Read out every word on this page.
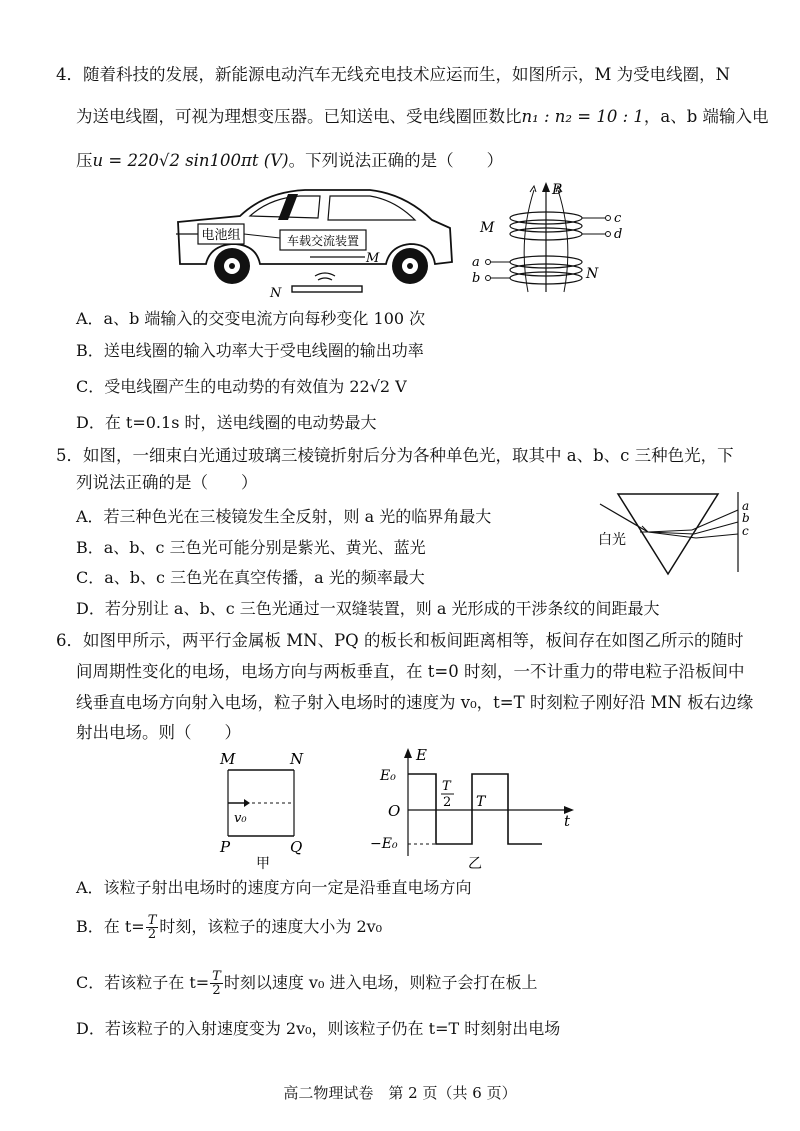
4．随着科技的发展，新能源电动汽车无线充电技术应运而生，如图所示，M 为受电线圈，N
为送电线圈，可视为理想变压器。已知送电、受电线圈匝数比n₁ : n₂ = 10 : 1，a、b 端输入电
压u = 220√2 sin100πt (V)。下列说法正确的是（　　）
电池组	车载交流装置
M
N
B
M
c
d
a
b	N
A．a、b 端输入的交变电流方向每秒变化 100 次
B．送电线圈的输入功率大于受电线圈的输出功率
C．受电线圈产生的电动势的有效值为 22√2 V
D．在 t=0.1s 时，送电线圈的电动势最大
5．如图，一细束白光通过玻璃三棱镜折射后分为各种单色光，取其中 a、b、c 三种色光，下
列说法正确的是（　　）
白光
a
b
c
A．若三种色光在三棱镜发生全反射，则 a 光的临界角最大
B．a、b、c 三色光可能分别是紫光、黄光、蓝光
C．a、b、c 三色光在真空传播，a 光的频率最大
D．若分别让 a、b、c 三色光通过一双缝装置，则 a 光形成的干涉条纹的间距最大
6．如图甲所示，两平行金属板 MN、PQ 的板长和板间距离相等，板间存在如图乙所示的随时
间周期性变化的电场，电场方向与两板垂直，在 t=0 时刻，一不计重力的带电粒子沿板间中
线垂直电场方向射入电场，粒子射入电场时的速度为 v₀，t=T 时刻粒子刚好沿 MN 板右边缘
射出电场。则（　　）
M	N
v₀
P	Q
甲
E
t
O
E₀
−E₀
T
2 T
乙
A．该粒子射出电场时的速度方向一定是沿垂直电场方向
B．在 $t= \frac{T}{2}$ 时刻，该粒子的速度大小为 2v₀
C．若该粒子在 $t= \frac{T}{2}$ 时刻以速度 v₀ 进入电场，则粒子会打在板上
D．若该粒子的入射速度变为 2v₀，则该粒子仍在 t=T 时刻射出电场
高二物理试卷　第 2 页（共 6 页）
